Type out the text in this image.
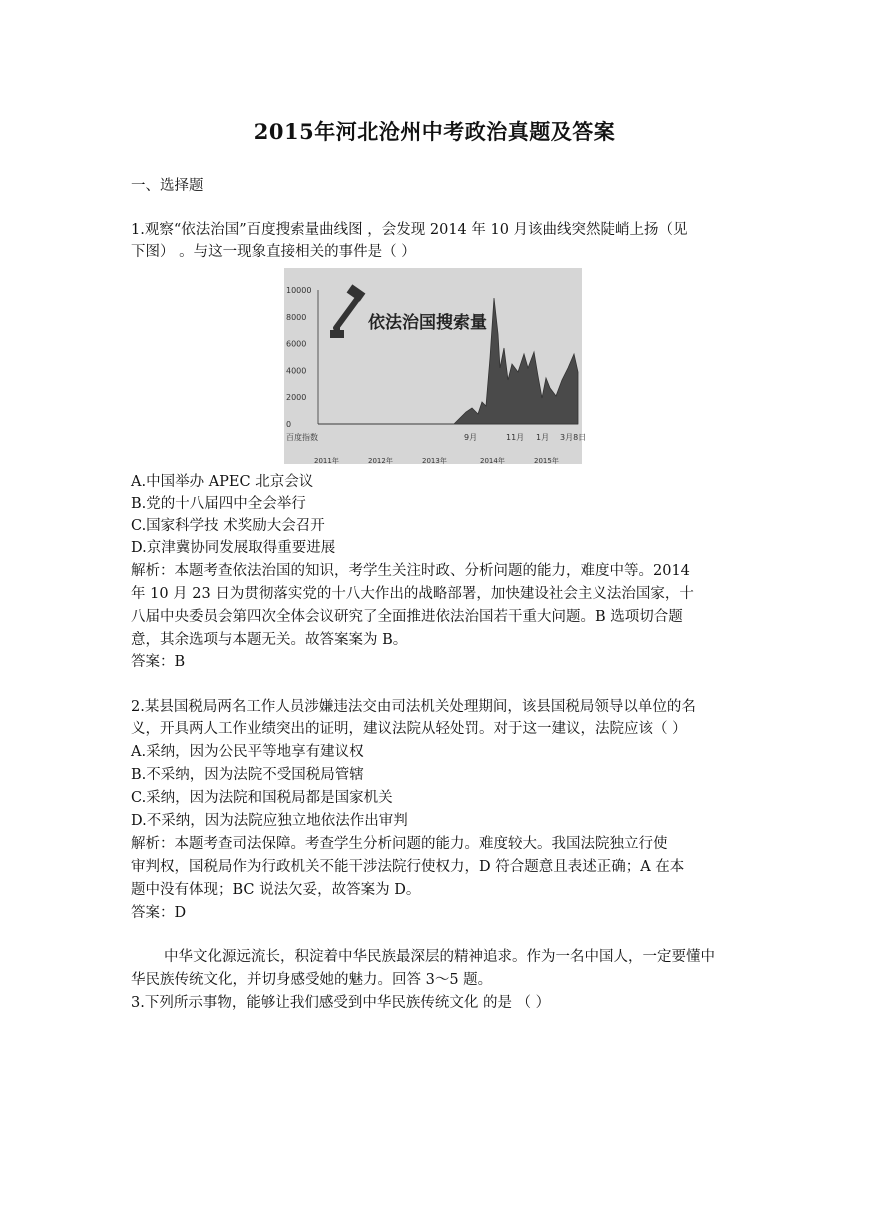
2015年河北沧州中考政治真题及答案
一、选择题
1.观察“依法治国”百度搜索量曲线图 ，会发现 2014 年 10 月该曲线突然陡峭上扬（见
下图） 。与这一现象直接相关的事件是（ ）
10000
8000
6000
4000
2000
0
依法治国搜索量
百度指数	9月	11月 1月 3月8日
2011年	2012年	2013年	2014年	2015年
A.中国举办 APEC 北京会议
B.党的十八届四中全会举行
C.国家科学技 术奖励大会召开
D.京津冀协同发展取得重要进展
解析：本题考查依法治国的知识，考学生关注时政、分析问题的能力，难度中等。2014
年 10 月 23 日为贯彻落实党的十八大作出的战略部署，加快建设社会主义法治国家，十
八届中央委员会第四次全体会议研究了全面推进依法治国若干重大问题。B 选项切合题
意，其余选项与本题无关。故答案案为 B。
答案：B
2.某县国税局两名工作人员涉嫌违法交由司法机关处理期间，该县国税局领导以单位的名
义，开具两人工作业绩突出的证明，建议法院从轻处罚。对于这一建议，法院应该（ ）
A.采纳，因为公民平等地享有建议权
B.不采纳，因为法院不受国税局管辖
C.采纳，因为法院和国税局都是国家机关
D.不采纳，因为法院应独立地依法作出审判
解析：本题考查司法保障。考查学生分析问题的能力。难度较大。我国法院独立行使
审判权，国税局作为行政机关不能干涉法院行使权力，D 符合题意且表述正确；A 在本
题中没有体现；BC 说法欠妥，故答案为 D。
答案：D
中华文化源远流长，积淀着中华民族最深层的精神追求。作为一名中国人，一定要懂中
华民族传统文化，并切身感受她的魅力。回答 3～5 题。
3.下列所示事物，能够让我们感受到中华民族传统文化 的是 （ ）
